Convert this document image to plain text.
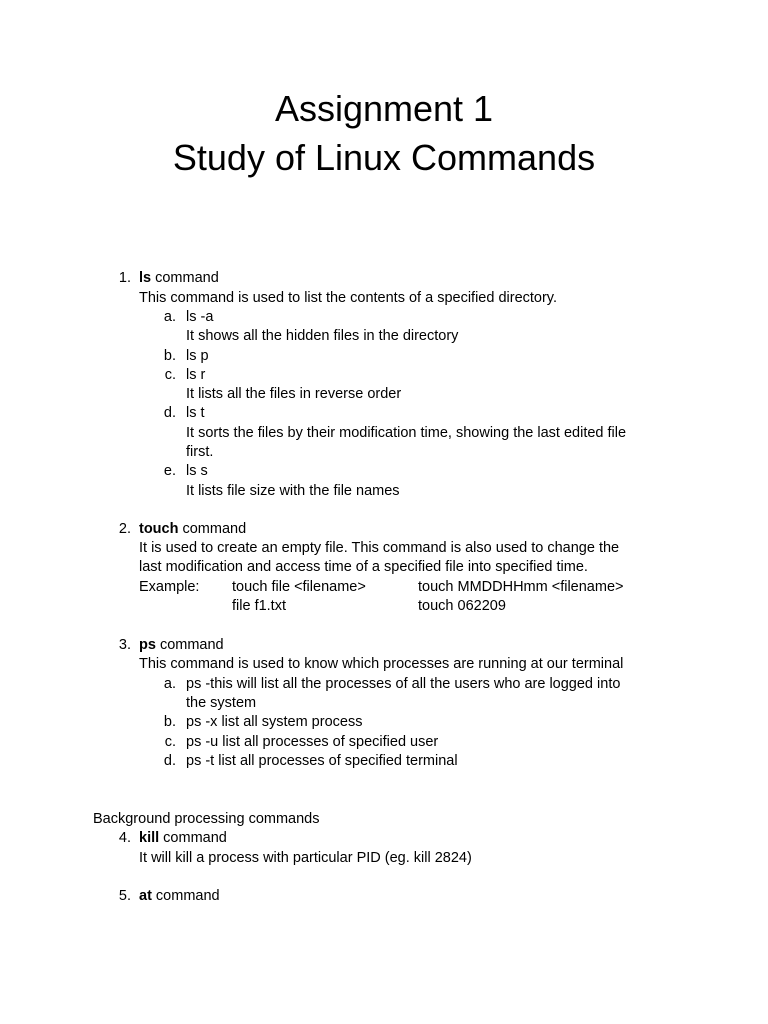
Assignment 1
Study of Linux Commands
1. ls command
This command is used to list the contents of a specified directory.
a. ls -a
It shows all the hidden files in the directory
b. ls p
c. ls r
It lists all the files in reverse order
d. ls t
It sorts the files by their modification time, showing the last edited file
first.
e. ls s
It lists file size with the file names
2. touch command
It is used to create an empty file. This command is also used to change the
last modification and access time of a specified file into specified time.
Example: touch file <filename>	touch MMDDHHmm <filename>
file f1.txt	touch 062209
3. ps command
This command is used to know which processes are running at our terminal
a. ps -this will list all the processes of all the users who are logged into
the system
b. ps -x list all system process
c. ps -u list all processes of specified user
d. ps -t list all processes of specified terminal
Background processing commands
4. kill command
It will kill a process with particular PID (eg. kill 2824)
5. at command
